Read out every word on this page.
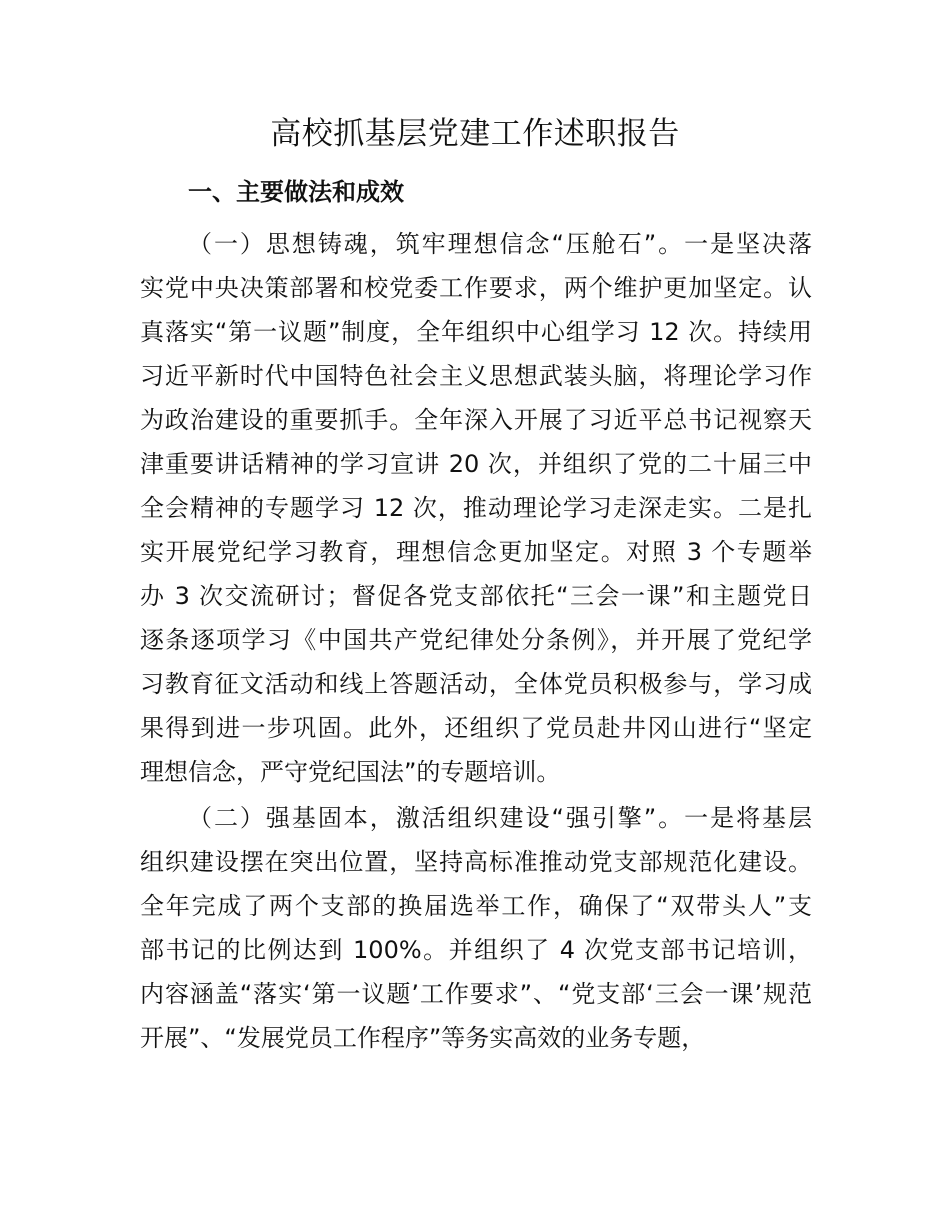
高校抓基层党建工作述职报告
一、主要做法和成效
（一）思想铸魂，筑牢理想信念“压舱石”。一是坚决落
实党中央决策部署和校党委工作要求，两个维护更加坚定。认
真落实“第一议题”制度，全年组织中心组学习 12 次。持续用
习近平新时代中国特色社会主义思想武装头脑，将理论学习作
为政治建设的重要抓手。全年深入开展了习近平总书记视察天
津重要讲话精神的学习宣讲 20 次，并组织了党的二十届三中
全会精神的专题学习 12 次，推动理论学习走深走实。二是扎
实开展党纪学习教育，理想信念更加坚定。对照 3 个专题举
办 3 次交流研讨；督促各党支部依托“三会一课”和主题党日
逐条逐项学习《中国共产党纪律处分条例》，并开展了党纪学
习教育征文活动和线上答题活动，全体党员积极参与，学习成
果得到进一步巩固。此外，还组织了党员赴井冈山进行“坚定
理想信念，严守党纪国法”的专题培训。
（二）强基固本，激活组织建设“强引擎”。一是将基层
组织建设摆在突出位置，坚持高标准推动党支部规范化建设。
全年完成了两个支部的换届选举工作，确保了“双带头人”支
部书记的比例达到 100%。并组织了 4 次党支部书记培训，
内容涵盖“落实‘第一议题’工作要求”、“党支部‘三会一课’规范
开展”、“发展党员工作程序”等务实高效的业务专题，
